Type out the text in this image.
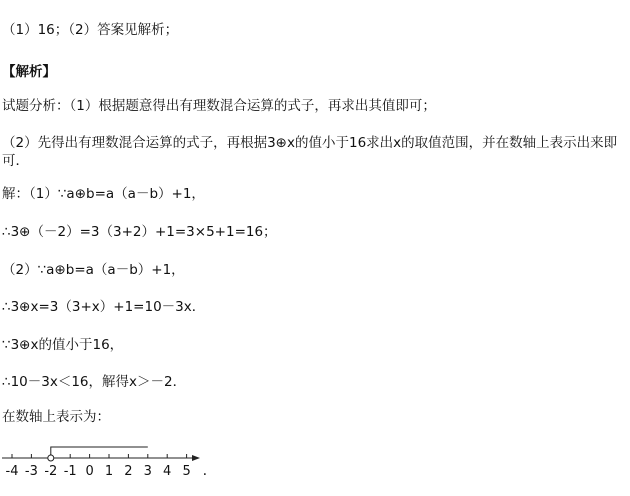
（1）16；（2）答案见解析；
【解析】
试题分析：（1）根据题意得出有理数混合运算的式子，再求出其值即可；
（2）先得出有理数混合运算的式子，再根据3⊕x的值小于16求出x的取值范围，并在数轴上表示出来即可．
解：（1）∵a⊕b=a（a－b）+1，
∴3⊕（－2）=3（3+2）+1=3×5+1=16；
（2）∵a⊕b=a（a－b）+1，
∴3⊕x=3（3+x）+1=10－3x．
∵3⊕x的值小于16，
∴10－3x＜16，解得x＞－2．
在数轴上表示为：
-4 -3 -2 -1 0 1 2 3 4 5 .
